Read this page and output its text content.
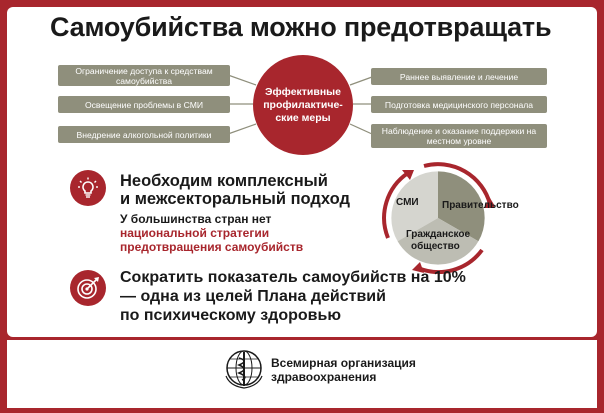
Самоубийства можно предотвращать
Ограничение доступа к средствам самоубийства
Освещение проблемы в СМИ
Внедрение алкогольной политики
Раннее выявление и лечение
Подготовка медицинского персонала
Наблюдение и оказание поддержки на местном уровне
Эффективные профилактиче-ские меры
Необходим комплексный
и межсекторальный подход
У большинства стран нет
национальной стратегии
предотвращения самоубийств
СМИ Правительство
Гражданское
общество
Сократить показатель самоубийств на 10%
— одна из целей Плана действий
по психическому здоровью
Всемирная организация
здравоохранения
